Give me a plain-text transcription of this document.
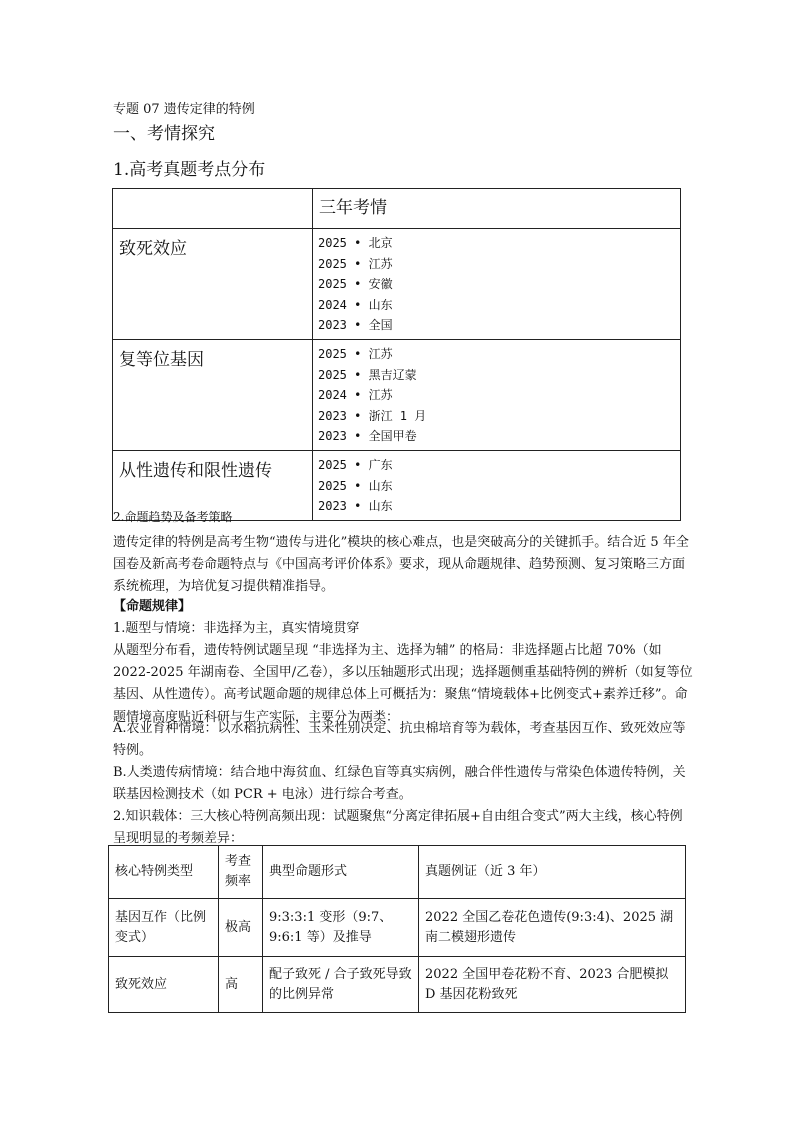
专题 07 遗传定律的特例
一、考情探究
1.高考真题考点分布
	三年考情
致死效应	2025 • 北京
2025 • 江苏
2025 • 安徽
2024 • 山东
2023 • 全国

复等位基因	2025 • 江苏
2025 • 黑吉辽蒙
2024 • 江苏
2023 • 浙江 1 月
2023 • 全国甲卷

从性遗传和限性遗传	2025 • 广东
2025 • 山东
2023 • 山东
2.命题趋势及备考策略
遗传定律的特例是高考生物“遗传与进化”模块的核心难点，也是突破高分的关键抓手。结合近 5 年全国卷及新高考卷命题特点与《中国高考评价体系》要求，现从命题规律、趋势预测、复习策略三方面系统梳理，为培优复习提供精准指导。
【命题规律】
1.题型与情境：非选择为主，真实情境贯穿
从题型分布看，遗传特例试题呈现 “非选择为主、选择为辅” 的格局：非选择题占比超 70%（如 2022-2025 年湖南卷、全国甲/乙卷），多以压轴题形式出现；选择题侧重基础特例的辨析（如复等位基因、从性遗传）。高考试题命题的规律总体上可概括为：聚焦“情境载体+比例变式+素养迁移”。命题情境高度贴近科研与生产实际，主要分为两类：
A.农业育种情境：以水稻抗病性、玉米性别决定、抗虫棉培育等为载体，考查基因互作、致死效应等特例。
B.人类遗传病情境：结合地中海贫血、红绿色盲等真实病例，融合伴性遗传与常染色体遗传特例，关联基因检测技术（如 PCR + 电泳）进行综合考查。
2.知识载体：三大核心特例高频出现：试题聚焦“分离定律拓展+自由组合变式”两大主线，核心特例呈现明显的考频差异：
核心特例类型	考查频率	典型命题形式	真题例证（近 3 年）
基因互作（比例变式）	极高	9:3:3:1 变形（9:7、9:6:1 等）及推导	2022 全国乙卷花色遗传(9:3:4)、2025 湖南二模翅形遗传
致死效应	高	配子致死 / 合子致死导致的比例异常	2022 全国甲卷花粉不育、2023 合肥模拟 D 基因花粉致死
